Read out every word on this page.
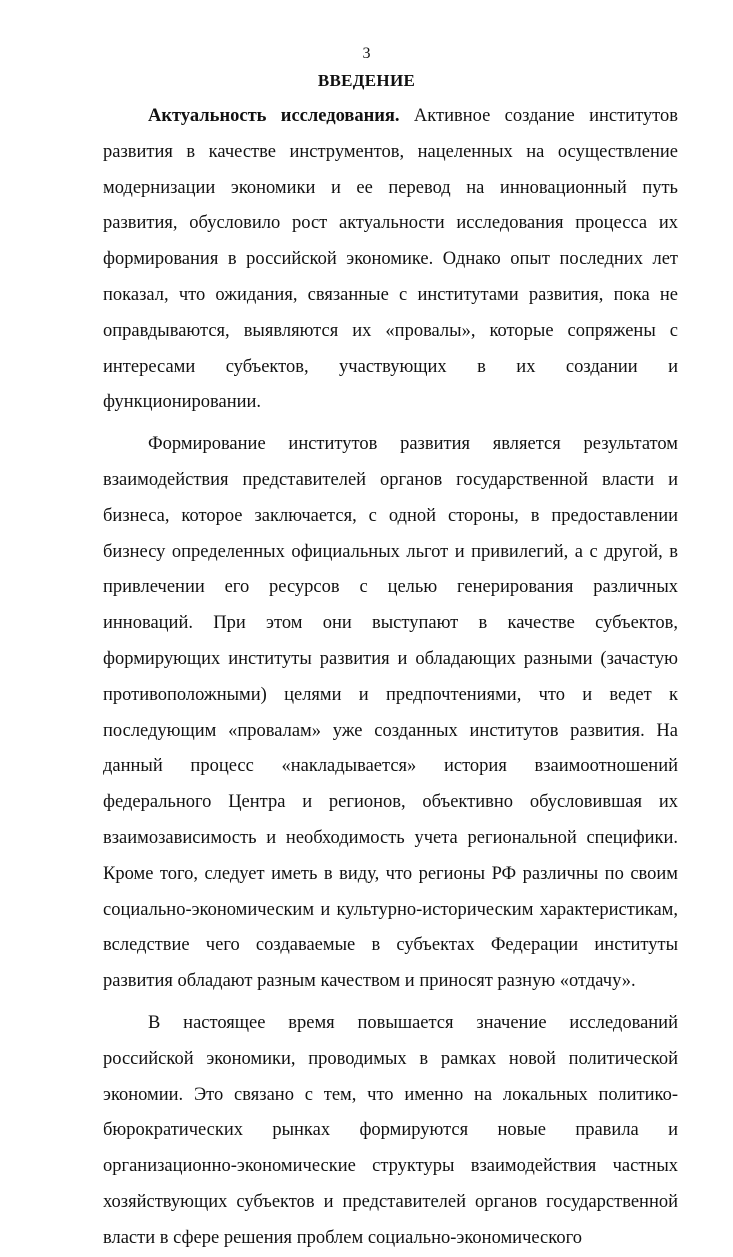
3
ВВЕДЕНИЕ

Актуальность исследования. Активное создание институтов развития в качестве инструментов, нацеленных на осуществление модернизации экономики и ее перевод на инновационный путь развития, обусловило рост актуальности исследования процесса их формирования в российской экономике. Однако опыт последних лет показал, что ожидания, связанные с институтами развития, пока не оправдываются, выявляются их «провалы», которые сопряжены с интересами субъектов, участвующих в их создании и функционировании.

Формирование институтов развития является результатом взаимодействия представителей органов государственной власти и бизнеса, которое заключается, с одной стороны, в предоставлении бизнесу определенных официальных льгот и привилегий, а с другой, в привлечении его ресурсов с целью генерирования различных инноваций. При этом они выступают в качестве субъектов, формирующих институты развития и обладающих разными (зачастую противоположными) целями и предпочтениями, что и ведет к последующим «провалам» уже созданных институтов развития. На данный процесс «накладывается» история взаимоотношений федерального Центра и регионов, объективно обусловившая их взаимозависимость и необходимость учета региональной специфики. Кроме того, следует иметь в виду, что регионы РФ различны по своим социально-экономическим и культурно-историческим характеристикам, вследствие чего создаваемые в субъектах Федерации институты развития обладают разным качеством и приносят разную «отдачу».

В настоящее время повышается значение исследований российской экономики, проводимых в рамках новой политической экономии. Это связано с тем, что именно на локальных политико-бюрократических рынках формируются новые правила и организационно-экономические структуры взаимодействия частных хозяйствующих субъектов и представителей органов государственной власти в сфере решения проблем социально-экономического
